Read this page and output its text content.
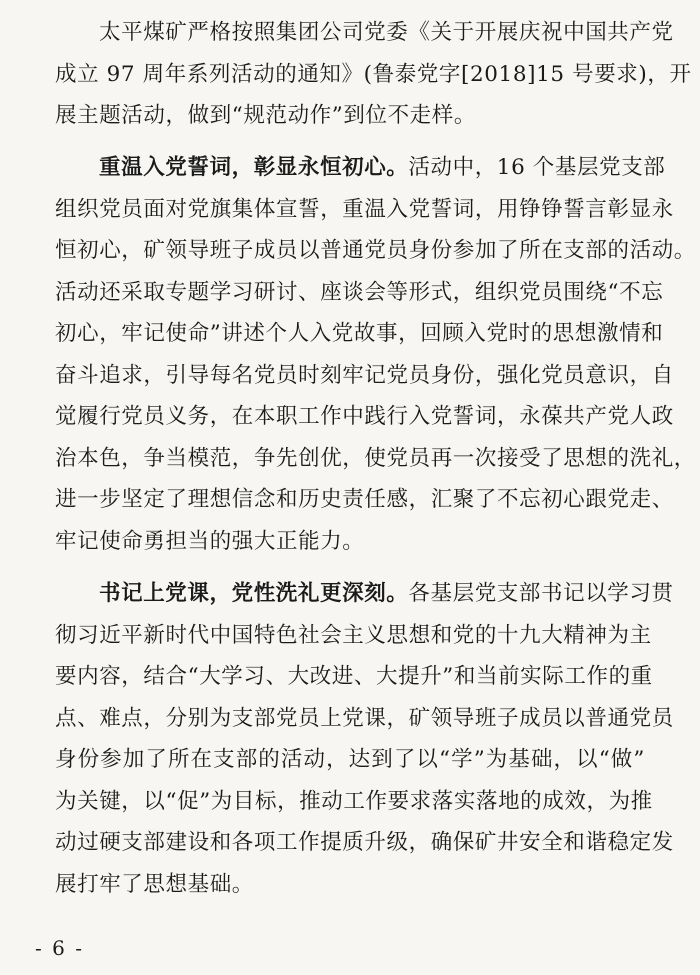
太平煤矿严格按照集团公司党委《关于开展庆祝中国共产党
成立 97 周年系列活动的通知》(鲁泰党字[2018]15 号要求)，开
展主题活动，做到“规范动作”到位不走样。
重温入党誓词，彰显永恒初心。活动中，16 个基层党支部
组织党员面对党旗集体宣誓，重温入党誓词，用铮铮誓言彰显永
恒初心，矿领导班子成员以普通党员身份参加了所在支部的活动。
活动还采取专题学习研讨、座谈会等形式，组织党员围绕“不忘
初心，牢记使命”讲述个人入党故事，回顾入党时的思想激情和
奋斗追求，引导每名党员时刻牢记党员身份，强化党员意识，自
觉履行党员义务，在本职工作中践行入党誓词，永葆共产党人政
治本色，争当模范，争先创优，使党员再一次接受了思想的洗礼，
进一步坚定了理想信念和历史责任感，汇聚了不忘初心跟党走、
牢记使命勇担当的强大正能力。
书记上党课，党性洗礼更深刻。各基层党支部书记以学习贯
彻习近平新时代中国特色社会主义思想和党的十九大精神为主
要内容，结合“大学习、大改进、大提升”和当前实际工作的重
点、难点，分别为支部党员上党课，矿领导班子成员以普通党员
身份参加了所在支部的活动，达到了以“学”为基础，以“做”
为关键，以“促”为目标，推动工作要求落实落地的成效，为推
动过硬支部建设和各项工作提质升级，确保矿井安全和谐稳定发
展打牢了思想基础。
- 6 -
